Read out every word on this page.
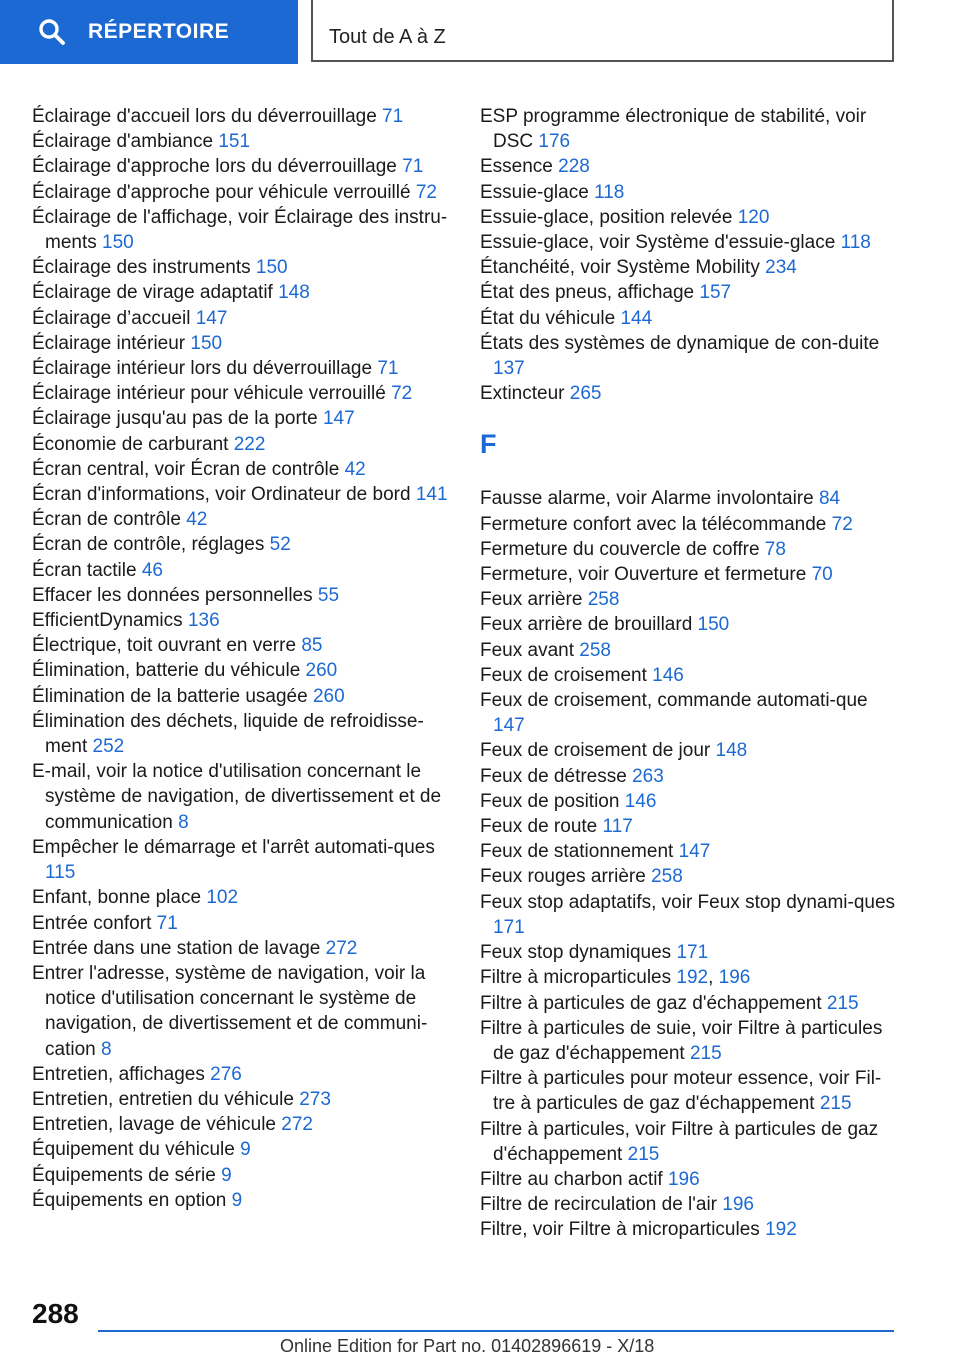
RÉPERTOIRE	Tout de A à Z
Éclairage d'accueil lors du déverrouillage 71
Éclairage d'ambiance 151
Éclairage d'approche lors du déverrouillage 71
Éclairage d'approche pour véhicule verrouillé 72
Éclairage de l'affichage, voir Éclairage des instru-ments 150
Éclairage des instruments 150
Éclairage de virage adaptatif 148
Éclairage d’accueil 147
Éclairage intérieur 150
Éclairage intérieur lors du déverrouillage 71
Éclairage intérieur pour véhicule verrouillé 72
Éclairage jusqu'au pas de la porte 147
Économie de carburant 222
Écran central, voir Écran de contrôle 42
Écran d'informations, voir Ordinateur de bord 141
Écran de contrôle 42
Écran de contrôle, réglages 52
Écran tactile 46
Effacer les données personnelles 55
EfficientDynamics 136
Électrique, toit ouvrant en verre 85
Élimination, batterie du véhicule 260
Élimination de la batterie usagée 260
Élimination des déchets, liquide de refroidisse-ment 252
E-mail, voir la notice d'utilisation concernant le système de navigation, de divertissement et de communication 8
Empêcher le démarrage et l'arrêt automati-ques 115
Enfant, bonne place 102
Entrée confort 71
Entrée dans une station de lavage 272
Entrer l'adresse, système de navigation, voir la notice d'utilisation concernant le système de navigation, de divertissement et de communi-cation 8
Entretien, affichages 276
Entretien, entretien du véhicule 273
Entretien, lavage de véhicule 272
Équipement du véhicule 9
Équipements de série 9
Équipements en option 9
ESP programme électronique de stabilité, voir DSC 176
Essence 228
Essuie-glace 118
Essuie-glace, position relevée 120
Essuie-glace, voir Système d'essuie-glace 118
Étanchéité, voir Système Mobility 234
État des pneus, affichage 157
État du véhicule 144
États des systèmes de dynamique de con-duite 137
Extincteur 265
F
Fausse alarme, voir Alarme involontaire 84
Fermeture confort avec la télécommande 72
Fermeture du couvercle de coffre 78
Fermeture, voir Ouverture et fermeture 70
Feux arrière 258
Feux arrière de brouillard 150
Feux avant 258
Feux de croisement 146
Feux de croisement, commande automati-que 147
Feux de croisement de jour 148
Feux de détresse 263
Feux de position 146
Feux de route 117
Feux de stationnement 147
Feux rouges arrière 258
Feux stop adaptatifs, voir Feux stop dynami-ques 171
Feux stop dynamiques 171
Filtre à microparticules 192, 196
Filtre à particules de gaz d'échappement 215
Filtre à particules de suie, voir Filtre à particules de gaz d'échappement 215
Filtre à particules pour moteur essence, voir Fil-tre à particules de gaz d'échappement 215
Filtre à particules, voir Filtre à particules de gaz d'échappement 215
Filtre au charbon actif 196
Filtre de recirculation de l'air 196
Filtre, voir Filtre à microparticules 192
288
Online Edition for Part no. 01402896619 - X/18
